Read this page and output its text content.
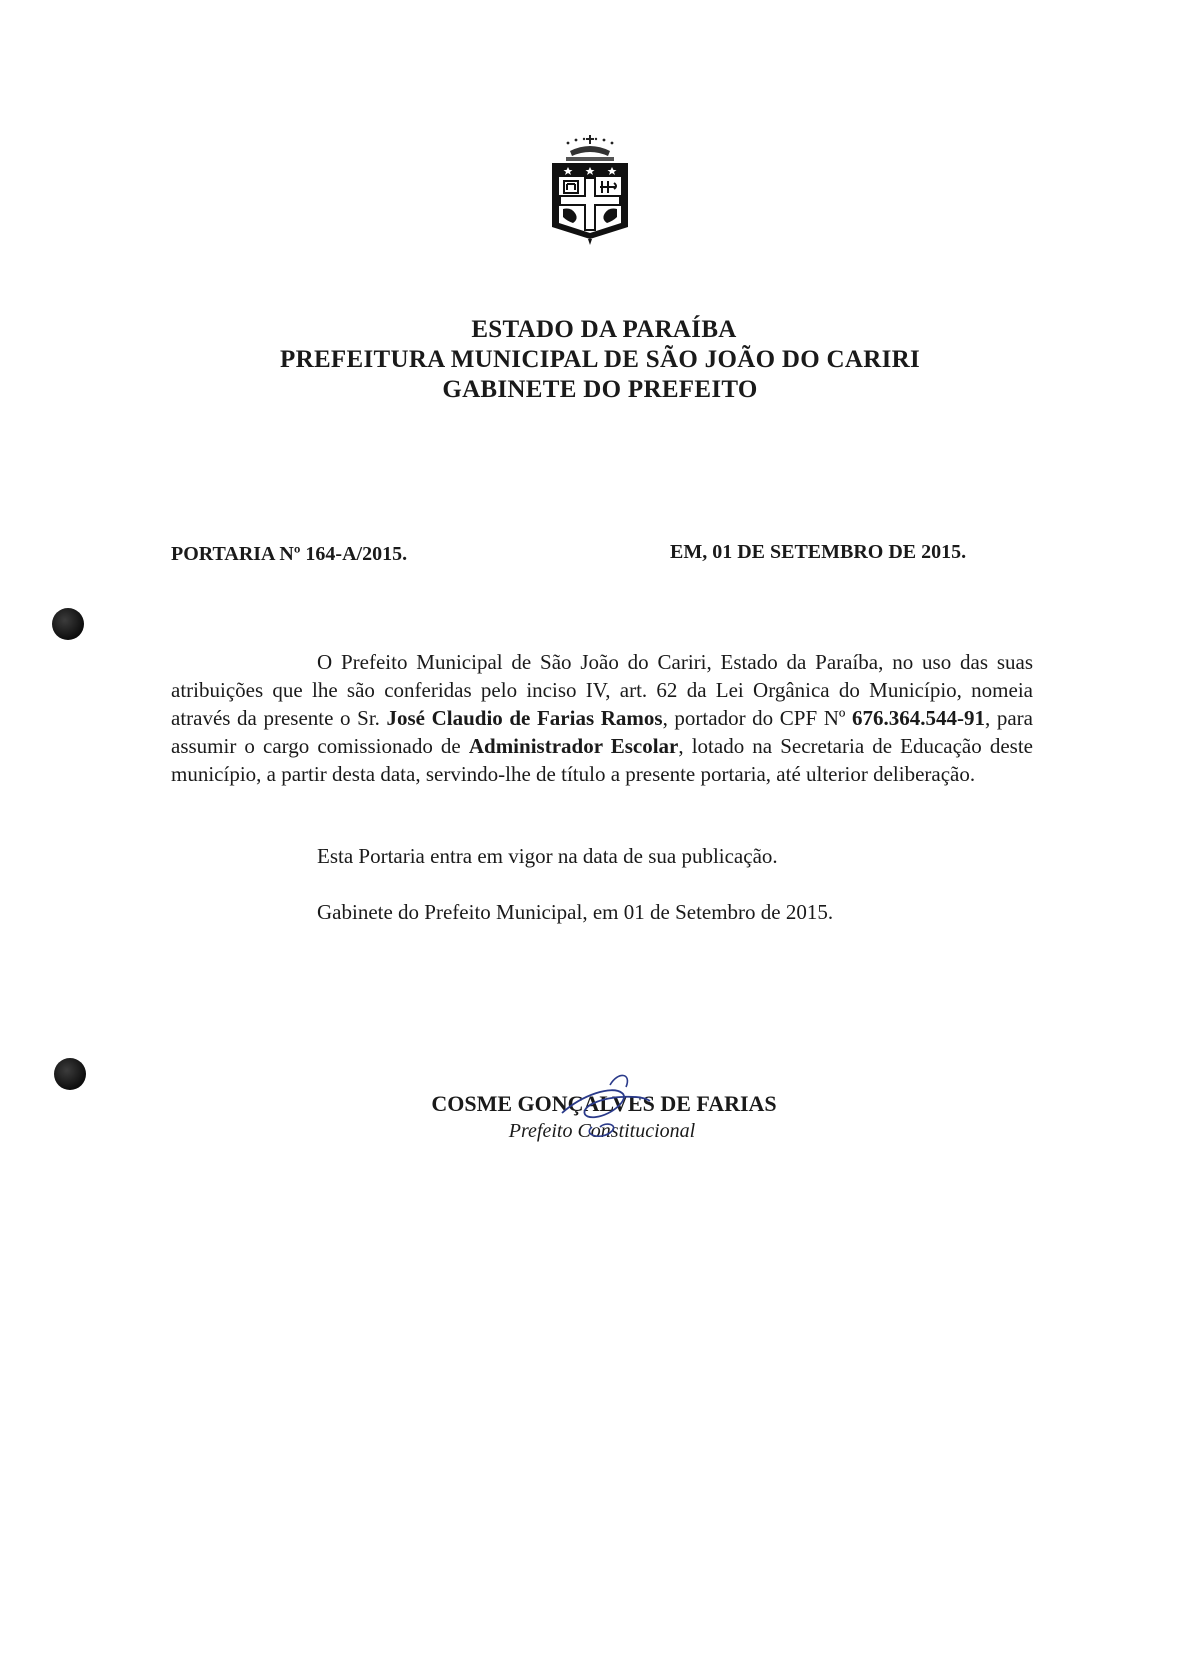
ESTADO DA PARAÍBA
PREFEITURA MUNICIPAL DE SÃO JOÃO DO CARIRI
GABINETE DO PREFEITO
PORTARIA Nº 164-A/2015.	EM, 01 DE SETEMBRO DE 2015.

O Prefeito Municipal de São João do Cariri, Estado da Paraíba, no uso das suas atribuições que lhe são conferidas pelo inciso IV, art. 62 da Lei Orgânica do Município, nomeia através da presente o Sr. José Claudio de Farias Ramos, portador do CPF Nº 676.364.544-91, para assumir o cargo comissionado de Administrador Escolar, lotado na Secretaria de Educação deste município, a partir desta data, servindo-lhe de título a presente portaria, até ulterior deliberação.

Esta Portaria entra em vigor na data de sua publicação.
Gabinete do Prefeito Municipal, em 01 de Setembro de 2015.
COSME GONÇALVES DE FARIAS
Prefeito Constitucional
